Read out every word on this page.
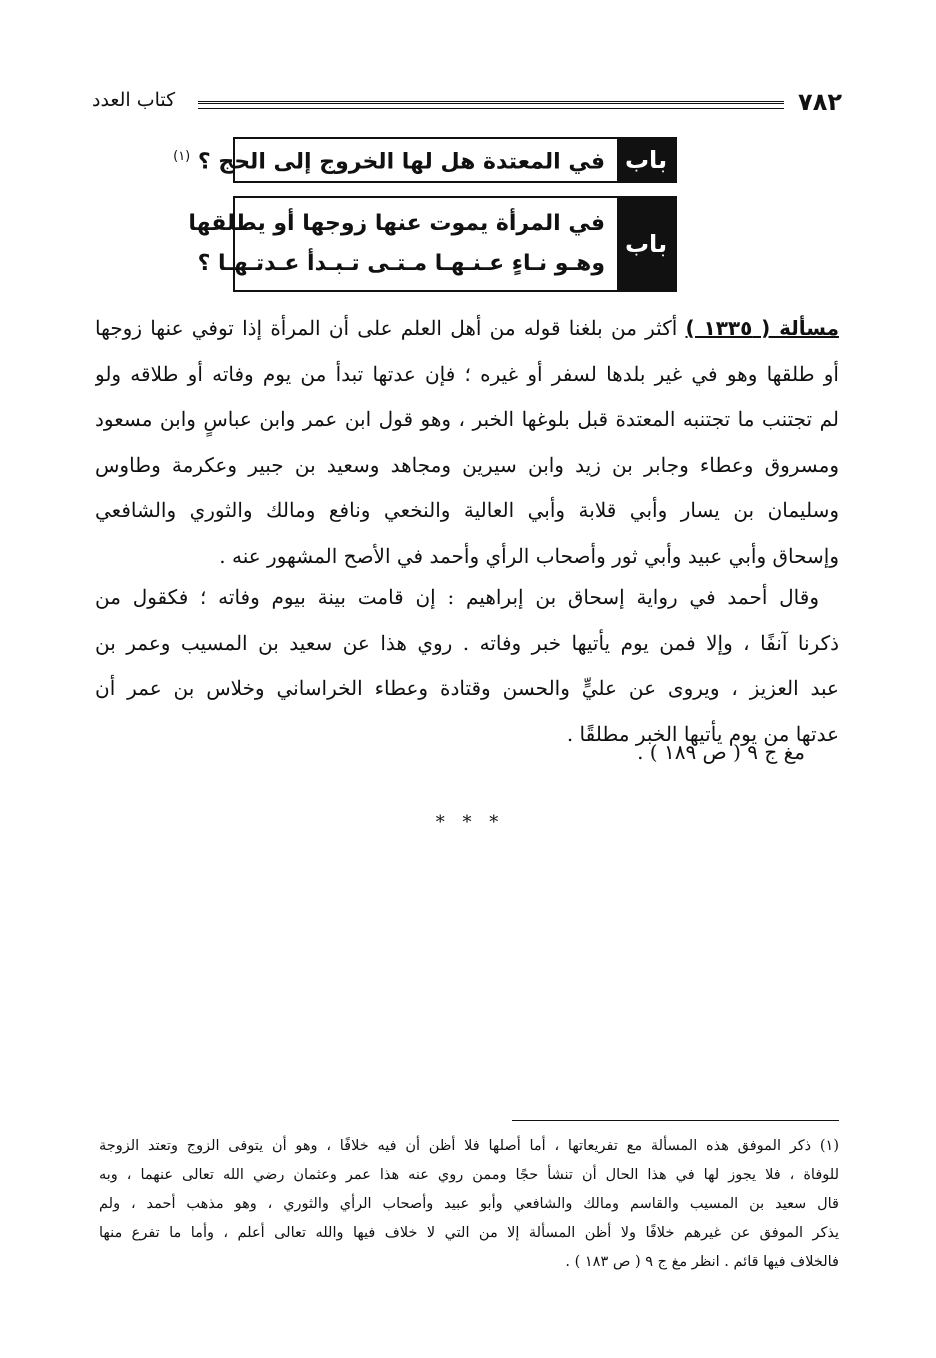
٧٨٢
كتاب العدد
باب
في المعتدة هل لها الخروج إلى الحج ؟ $^{(١)}$
باب
في المرأة يموت عنها زوجها أو يطلقها
وهـو نـاءٍ عـنـهـا مـتـى تـبـدأ عـدتـهـا ؟
مسألة ( ١٣٣٥ ) أكثر من بلغنا قوله من أهل العلم على أن المرأة إذا توفي عنها زوجها
أو طلقها وهو في غير بلدها لسفر أو غيره ؛ فإن عدتها تبدأ من يوم وفاته أو طلاقه ولو
لم تجتنب ما تجتنبه المعتدة قبل بلوغها الخبر ، وهو قول ابن عمر وابن عباسٍ وابن مسعود
ومسروق وعطاء وجابر بن زيد وابن سيرين ومجاهد وسعيد بن جبير وعكرمة وطاوس
وسليمان بن يسار وأبي قلابة وأبي العالية والنخعي ونافع ومالك والثوري والشافعي
وإسحاق وأبي عبيد وأبي ثور وأصحاب الرأي وأحمد في الأصح المشهور عنه .
 وقال أحمد في رواية إسحاق بن إبراهيم : إن قامت بينة بيوم وفاته ؛ فكقول من
ذكرنا آنفًا ، وإلا فمن يوم يأتيها خبر وفاته . روي هذا عن سعيد بن المسيب وعمر بن
عبد العزيز ، ويروى عن عليٍّ والحسن وقتادة وعطاء الخراساني وخلاس بن عمر أن
عدتها من يوم يأتيها الخبر مطلقًا .
مغ ج ٩ ( ص ١٨٩ ) .
* * *
(١) ذكر الموفق هذه المسألة مع تفريعاتها ، أما أصلها فلا أظن أن فيه خلافًا ، وهو أن يتوفى الزوج وتعتد الزوجة
للوفاة ، فلا يجوز لها في هذا الحال أن تنشأ حجًا وممن روي عنه هذا عمر وعثمان رضي الله تعالى عنهما ، وبه
قال سعيد بن المسيب والقاسم ومالك والشافعي وأبو عبيد وأصحاب الرأي والثوري ، وهو مذهب أحمد ، ولم
يذكر الموفق عن غيرهم خلافًا ولا أظن المسألة إلا من التي لا خلاف فيها والله تعالى أعلم ، وأما ما تفرع منها
فالخلاف فيها قائم . انظر مغ ج ٩ ( ص ١٨٣ ) .
